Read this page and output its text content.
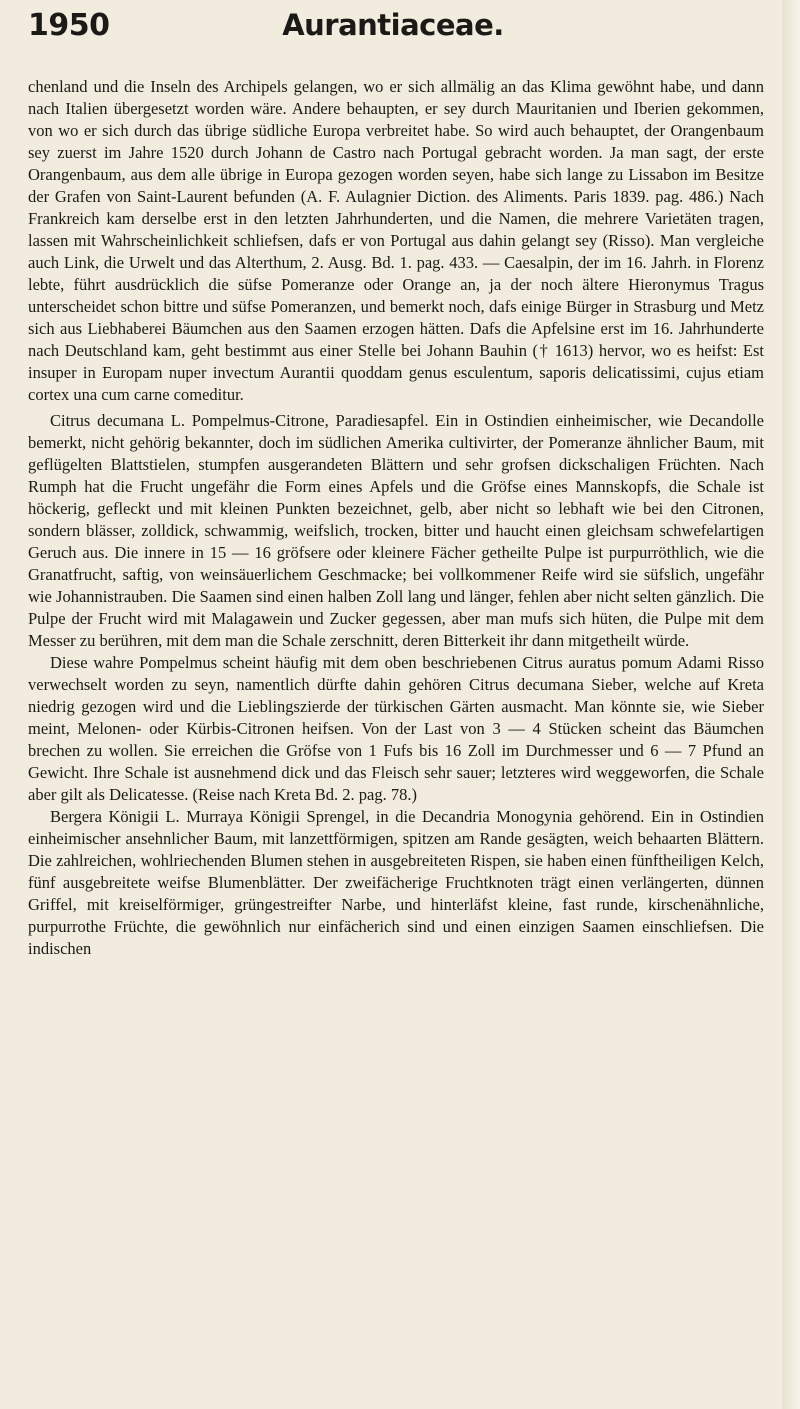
1950	Aurantiaceae.

chenland und die Inseln des Archipels gelangen, wo er sich allmälig an das Klima gewöhnt habe, und dann nach Italien übergesetzt worden wäre. Andere behaupten, er sey durch Mauritanien und Iberien gekommen, von wo er sich durch das übrige südliche Europa verbreitet habe. So wird auch behauptet, der Orangenbaum sey zuerst im Jahre 1520 durch Johann de Castro nach Portugal gebracht worden. Ja man sagt, der erste Orangenbaum, aus dem alle übrige in Europa gezogen worden seyen, habe sich lange zu Lissabon im Besitze der Grafen von Saint-Laurent befunden (A. F. Aulagnier Diction. des Aliments. Paris 1839. pag. 486.) Nach Frankreich kam derselbe erst in den letzten Jahrhunderten, und die Namen, die mehrere Varietäten tragen, lassen mit Wahrscheinlichkeit schliefsen, dafs er von Portugal aus dahin gelangt sey (Risso). Man vergleiche auch Link, die Urwelt und das Alterthum, 2. Ausg. Bd. 1. pag. 433. — Caesalpin, der im 16. Jahrh. in Florenz lebte, führt ausdrücklich die süfse Pomeranze oder Orange an, ja der noch ältere Hieronymus Tragus unterscheidet schon bittre und süfse Pomeranzen, und bemerkt noch, dafs einige Bürger in Strasburg und Metz sich aus Liebhaberei Bäumchen aus den Saamen erzogen hätten. Dafs die Apfelsine erst im 16. Jahrhunderte nach Deutschland kam, geht bestimmt aus einer Stelle bei Johann Bauhin († 1613) hervor, wo es heifst: Est insuper in Europam nuper invectum Aurantii quoddam genus esculentum, saporis delicatissimi, cujus etiam cortex una cum carne comeditur.

Citrus decumana L. Pompelmus-Citrone, Paradiesapfel. Ein in Ostindien einheimischer, wie Decandolle bemerkt, nicht gehörig bekannter, doch im südlichen Amerika cultivirter, der Pomeranze ähnlicher Baum, mit geflügelten Blattstielen, stumpfen ausgerandeten Blättern und sehr grofsen dickschaligen Früchten. Nach Rumph hat die Frucht ungefähr die Form eines Apfels und die Gröfse eines Mannskopfs, die Schale ist höckerig, gefleckt und mit kleinen Punkten bezeichnet, gelb, aber nicht so lebhaft wie bei den Citronen, sondern blässer, zolldick, schwammig, weifslich, trocken, bitter und haucht einen gleichsam schwefelartigen Geruch aus. Die innere in 15 — 16 gröfsere oder kleinere Fächer getheilte Pulpe ist purpurröthlich, wie die Granatfrucht, saftig, von weinsäuerlichem Geschmacke; bei vollkommener Reife wird sie süfslich, ungefähr wie Johannistrauben. Die Saamen sind einen halben Zoll lang und länger, fehlen aber nicht selten gänzlich. Die Pulpe der Frucht wird mit Malagawein und Zucker gegessen, aber man mufs sich hüten, die Pulpe mit dem Messer zu berühren, mit dem man die Schale zerschnitt, deren Bitterkeit ihr dann mitgetheilt würde.

Diese wahre Pompelmus scheint häufig mit dem oben beschriebenen Citrus auratus pomum Adami Risso verwechselt worden zu seyn, namentlich dürfte dahin gehören Citrus decumana Sieber, welche auf Kreta niedrig gezogen wird und die Lieblingszierde der türkischen Gärten ausmacht. Man könnte sie, wie Sieber meint, Melonen- oder Kürbis-Citronen heifsen. Von der Last von 3 — 4 Stücken scheint das Bäumchen brechen zu wollen. Sie erreichen die Gröfse von 1 Fufs bis 16 Zoll im Durchmesser und 6 — 7 Pfund an Gewicht. Ihre Schale ist ausnehmend dick und das Fleisch sehr sauer; letzteres wird weggeworfen, die Schale aber gilt als Delicatesse. (Reise nach Kreta Bd. 2. pag. 78.)

Bergera Königii L. Murraya Königii Sprengel, in die Decandria Monogynia gehörend. Ein in Ostindien einheimischer ansehnlicher Baum, mit lanzettförmigen, spitzen am Rande gesägten, weich behaarten Blättern. Die zahlreichen, wohlriechenden Blumen stehen in ausgebreiteten Rispen, sie haben einen fünftheiligen Kelch, fünf ausgebreitete weifse Blumenblätter. Der zweifächerige Fruchtknoten trägt einen verlängerten, dünnen Griffel, mit kreiselförmiger, grüngestreifter Narbe, und hinterläfst kleine, fast runde, kirschenähnliche, purpurrothe Früchte, die gewöhnlich nur einfächerich sind und einen einzigen Saamen einschliefsen. Die indischen
